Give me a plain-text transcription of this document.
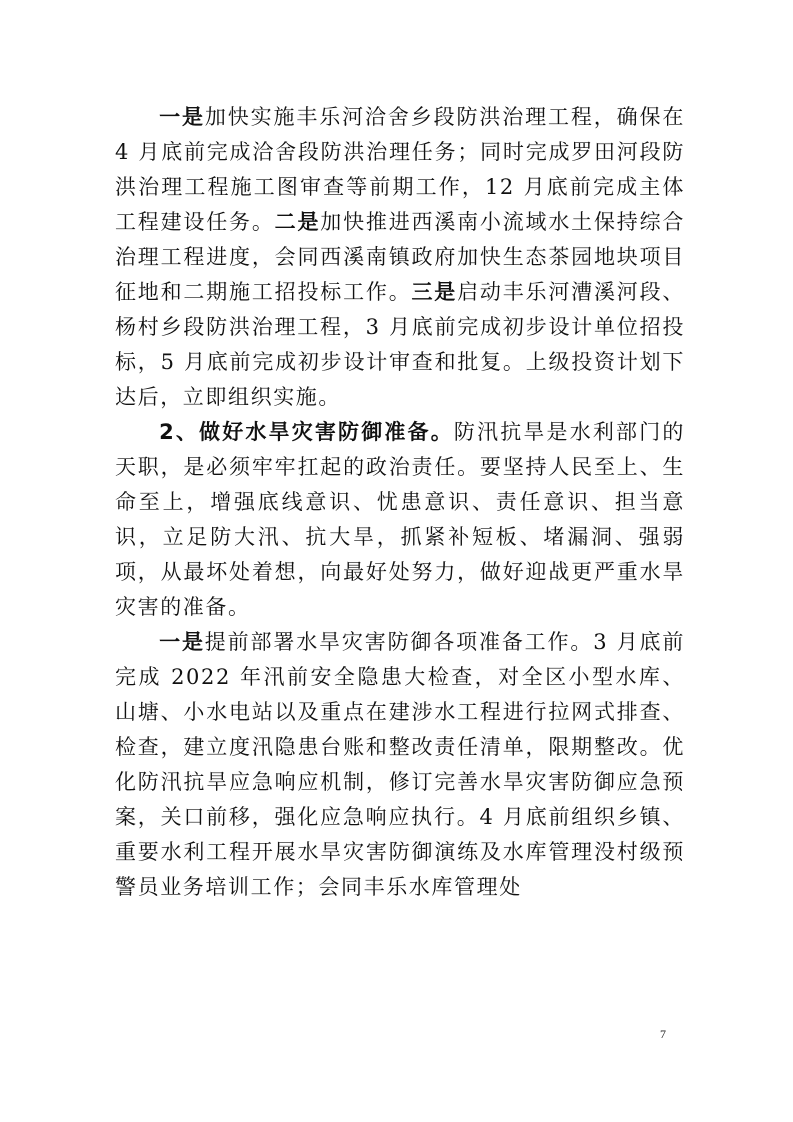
一是加快实施丰乐河洽舍乡段防洪治理工程，确保在 4 月底前完成洽舍段防洪治理任务；同时完成罗田河段防洪治理工程施工图审查等前期工作，12 月底前完成主体工程建设任务。二是加快推进西溪南小流域水土保持综合治理工程进度，会同西溪南镇政府加快生态茶园地块项目征地和二期施工招投标工作。三是启动丰乐河漕溪河段、杨村乡段防洪治理工程，3 月底前完成初步设计单位招投标，5 月底前完成初步设计审查和批复。上级投资计划下达后，立即组织实施。

2、做好水旱灾害防御准备。防汛抗旱是水利部门的天职，是必须牢牢扛起的政治责任。要坚持人民至上、生命至上，增强底线意识、忧患意识、责任意识、担当意识，立足防大汛、抗大旱，抓紧补短板、堵漏洞、强弱项，从最坏处着想，向最好处努力，做好迎战更严重水旱灾害的准备。

一是提前部署水旱灾害防御各项准备工作。3 月底前完成 2022 年汛前安全隐患大检查，对全区小型水库、山塘、小水电站以及重点在建涉水工程进行拉网式排查、检查，建立度汛隐患台账和整改责任清单，限期整改。优化防汛抗旱应急响应机制，修订完善水旱灾害防御应急预案，关口前移，强化应急响应执行。4 月底前组织乡镇、重要水利工程开展水旱灾害防御演练及水库管理没村级预警员业务培训工作；会同丰乐水库管理处

7
